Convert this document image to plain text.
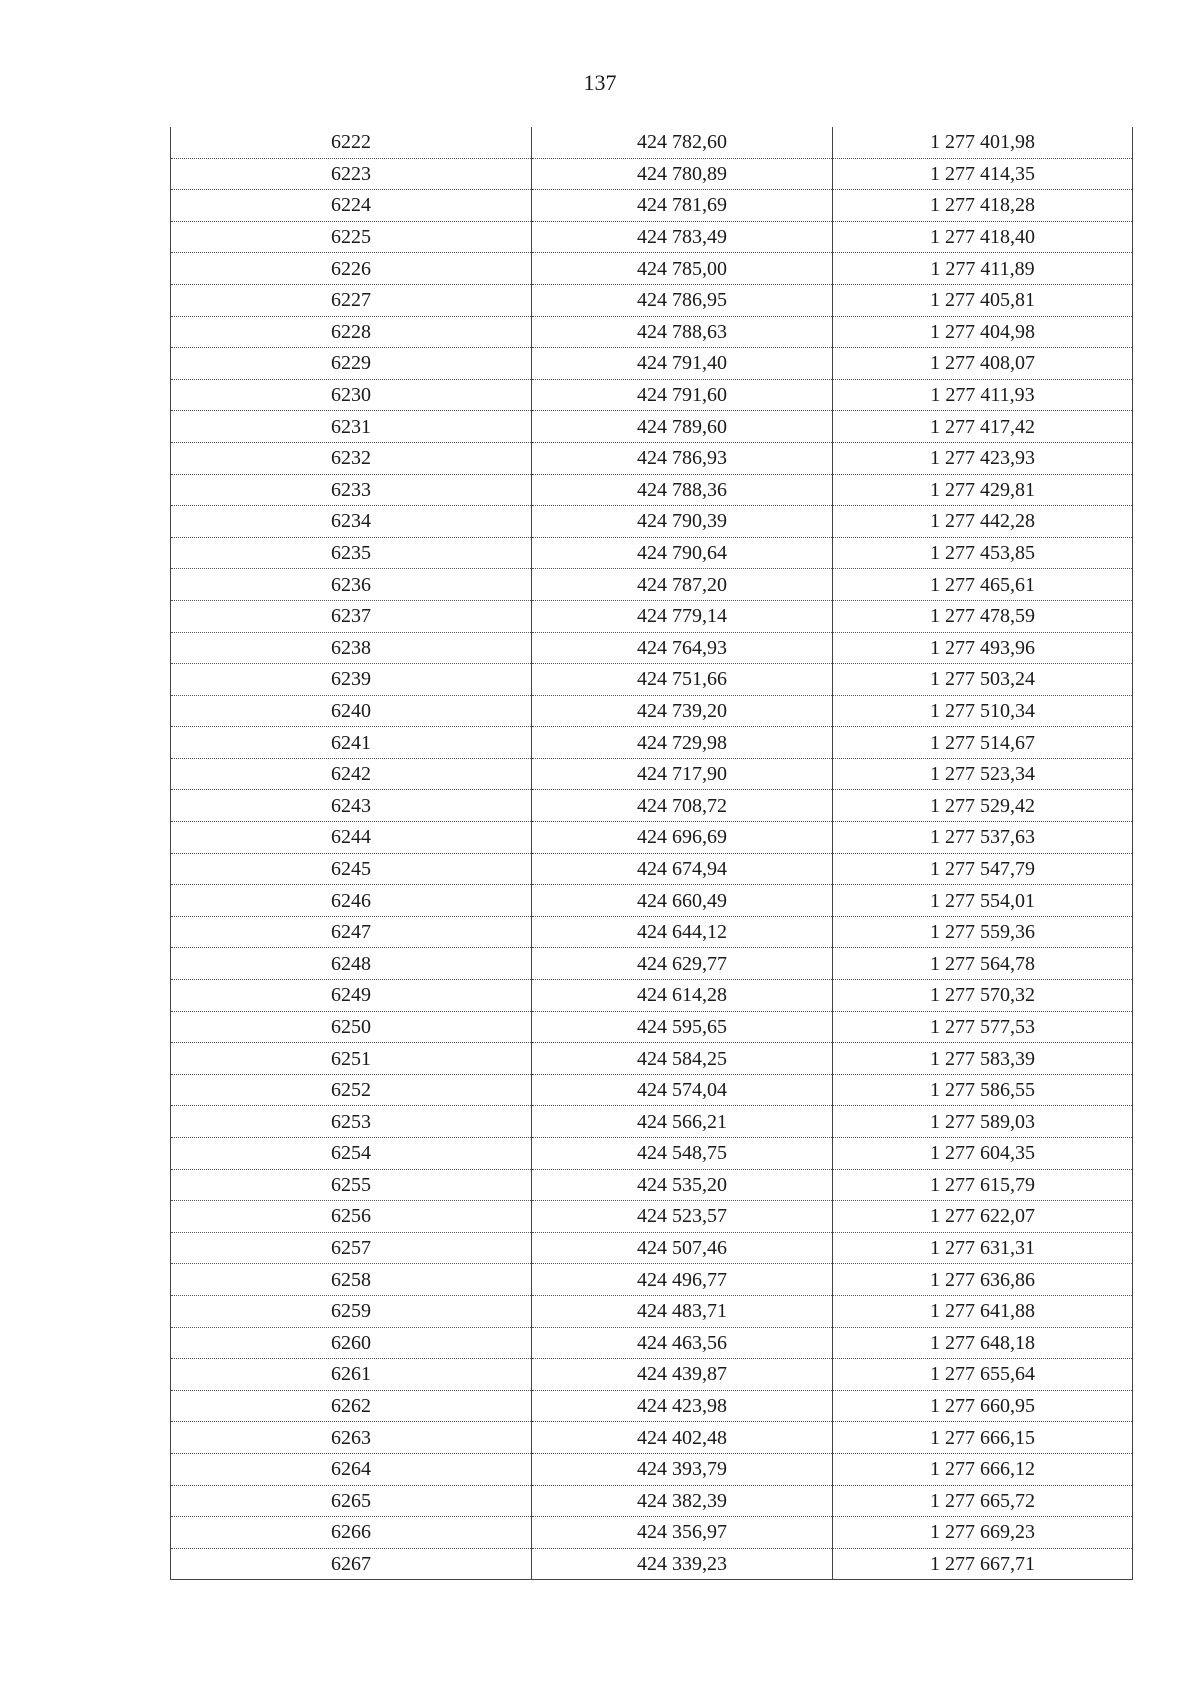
137
6222	424 782,60	1 277 401,98
6223	424 780,89	1 277 414,35
6224	424 781,69	1 277 418,28
6225	424 783,49	1 277 418,40
6226	424 785,00	1 277 411,89
6227	424 786,95	1 277 405,81
6228	424 788,63	1 277 404,98
6229	424 791,40	1 277 408,07
6230	424 791,60	1 277 411,93
6231	424 789,60	1 277 417,42
6232	424 786,93	1 277 423,93
6233	424 788,36	1 277 429,81
6234	424 790,39	1 277 442,28
6235	424 790,64	1 277 453,85
6236	424 787,20	1 277 465,61
6237	424 779,14	1 277 478,59
6238	424 764,93	1 277 493,96
6239	424 751,66	1 277 503,24
6240	424 739,20	1 277 510,34
6241	424 729,98	1 277 514,67
6242	424 717,90	1 277 523,34
6243	424 708,72	1 277 529,42
6244	424 696,69	1 277 537,63
6245	424 674,94	1 277 547,79
6246	424 660,49	1 277 554,01
6247	424 644,12	1 277 559,36
6248	424 629,77	1 277 564,78
6249	424 614,28	1 277 570,32
6250	424 595,65	1 277 577,53
6251	424 584,25	1 277 583,39
6252	424 574,04	1 277 586,55
6253	424 566,21	1 277 589,03
6254	424 548,75	1 277 604,35
6255	424 535,20	1 277 615,79
6256	424 523,57	1 277 622,07
6257	424 507,46	1 277 631,31
6258	424 496,77	1 277 636,86
6259	424 483,71	1 277 641,88
6260	424 463,56	1 277 648,18
6261	424 439,87	1 277 655,64
6262	424 423,98	1 277 660,95
6263	424 402,48	1 277 666,15
6264	424 393,79	1 277 666,12
6265	424 382,39	1 277 665,72
6266	424 356,97	1 277 669,23
6267	424 339,23	1 277 667,71
